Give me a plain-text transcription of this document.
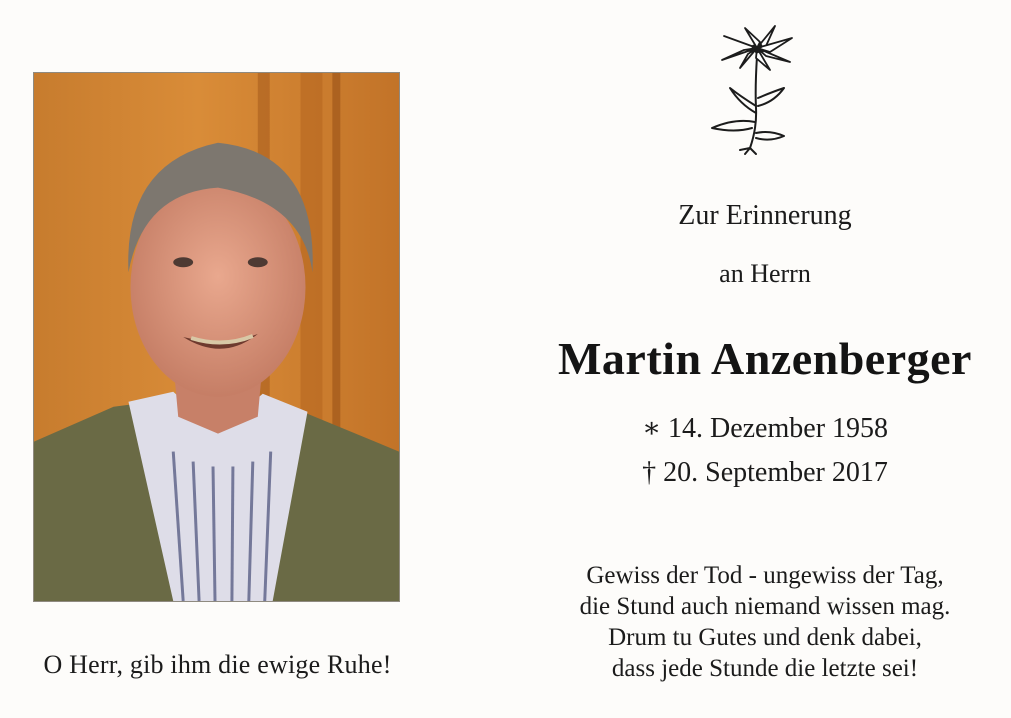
O Herr, gib ihm die ewige Ruhe!
Zur Erinnerung
an Herrn
Martin Anzenberger
∗ 14. Dezember 1958
† 20. September 2017
Gewiss der Tod - ungewiss der Tag,
die Stund auch niemand wissen mag.
Drum tu Gutes und denk dabei,
dass jede Stunde die letzte sei!
